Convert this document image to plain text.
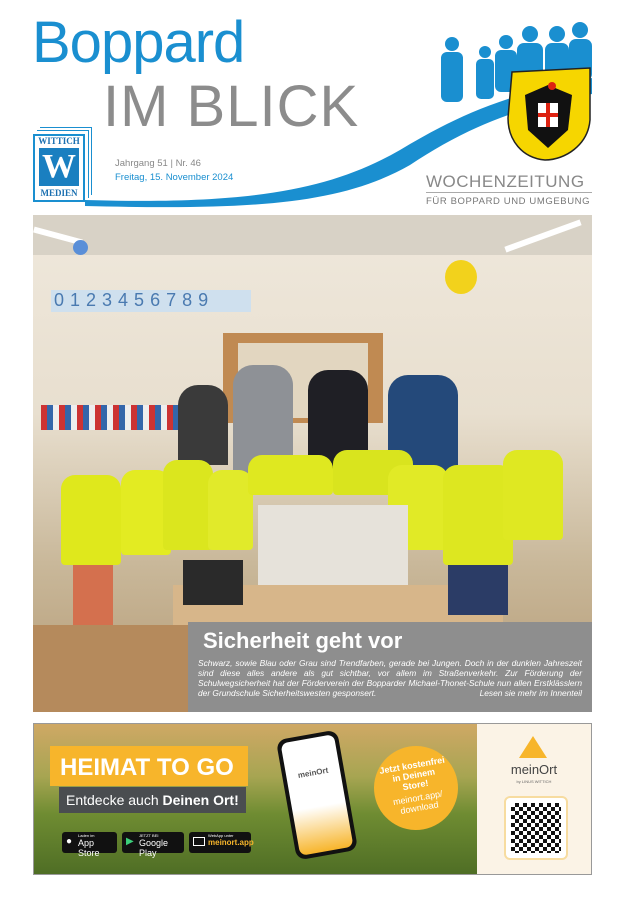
Boppard
IM BLICK
WITTICH
W
MEDIEN
Jahrgang 51 | Nr. 46
Freitag, 15. November 2024	WOCHENZEITUNG
FÜR BOPPARD UND UMGEBUNG
0123456789
Sicherheit geht vor

Schwarz, sowie Blau oder Grau sind Trendfarben, gerade bei Jungen. Doch in der dunklen Jahreszeit sind diese alles andere als gut sichtbar, vor allem im Straßenverkehr. Zur Förderung der Schulwegsicherheit hat der Förderverein der Bopparder Michael-Thonet-Schule nun allen Erstklässlern der Grundschule Sicherheitswesten gesponsert.	Lesen sie mehr im Innenteil

HEIMAT TO GO
Entdecke auch Deinen Ort!
●
Laden im
App Store
▶
JETZT BEI
Google Play
WebApp unter
meinort.app
meinOrt	Jetzt kostenfrei in Deinem Store!
meinort.app/ download
meinOrt
by LINUS WITTICH
